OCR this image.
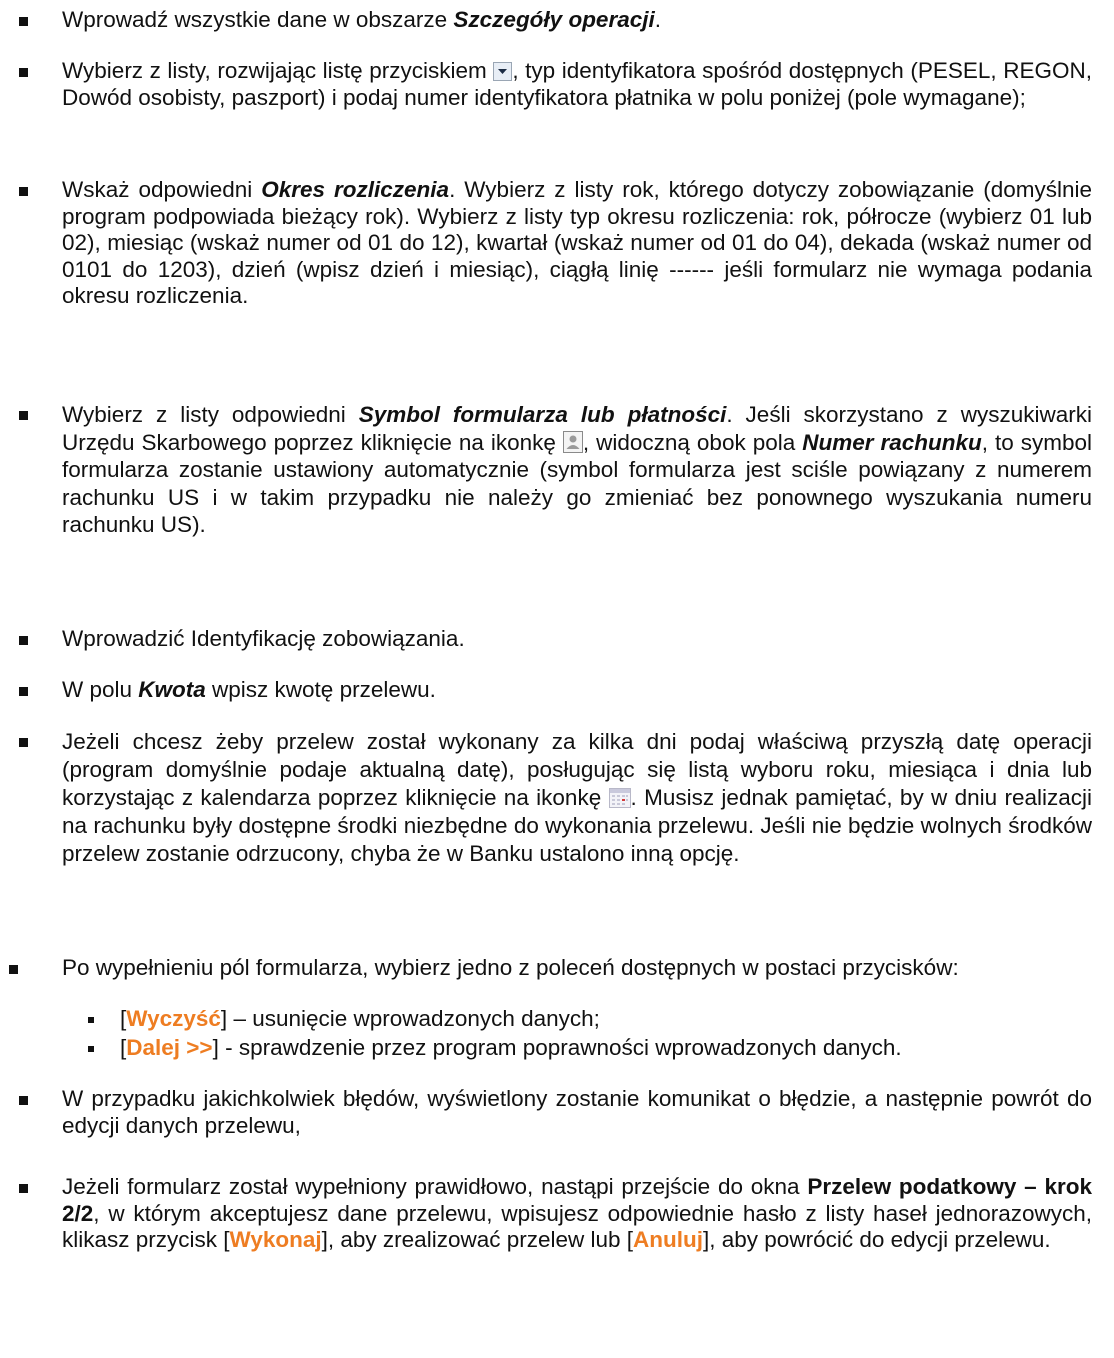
Wprowadź wszystkie dane w obszarze Szczegóły operacji.
Wybierz z listy, rozwijając listę przyciskiem , typ identyfikatora spośród dostępnych (PESEL, REGON, Dowód osobisty, paszport) i podaj numer identyfikatora płatnika w polu poniżej (pole wymagane);
Wskaż odpowiedni Okres rozliczenia. Wybierz z listy rok, którego dotyczy zobowiązanie (domyślnie program podpowiada bieżący rok). Wybierz z listy typ okresu rozliczenia: rok, półrocze (wybierz 01 lub 02), miesiąc (wskaż numer od 01 do 12), kwartał (wskaż numer od 01 do 04), dekada (wskaż numer od 0101 do 1203), dzień (wpisz dzień i miesiąc), ciągłą linię ------ jeśli formularz nie wymaga podania okresu rozliczenia.
Wybierz z listy odpowiedni Symbol formularza lub płatności. Jeśli skorzystano z wyszukiwarki Urzędu Skarbowego poprzez kliknięcie na ikonkę , widoczną obok pola Numer rachunku, to symbol formularza zostanie ustawiony automatycznie (symbol formularza jest sciśle powiązany z numerem rachunku US i w takim przypadku nie należy go zmieniać bez ponownego wyszukania numeru rachunku US).
Wprowadzić Identyfikację zobowiązania.
W polu Kwota wpisz kwotę przelewu.
Jeżeli chcesz żeby przelew został wykonany za kilka dni podaj właściwą przyszłą datę operacji (program domyślnie podaje aktualną datę), posługując się listą wyboru roku, miesiąca i dnia lub korzystając z kalendarza poprzez kliknięcie na ikonkę . Musisz jednak pamiętać, by w dniu realizacji na rachunku były dostępne środki niezbędne do wykonania przelewu. Jeśli nie będzie wolnych środków przelew zostanie odrzucony, chyba że w Banku ustalono inną opcję.
Po wypełnieniu pól formularza, wybierz jedno z poleceń dostępnych w postaci przycisków:
[Wyczyść] – usunięcie wprowadzonych danych;
[Dalej >>] - sprawdzenie przez program poprawności wprowadzonych danych.
W przypadku jakichkolwiek błędów, wyświetlony zostanie komunikat o błędzie, a następnie powrót do edycji danych przelewu,
Jeżeli formularz został wypełniony prawidłowo, nastąpi przejście do okna Przelew podatkowy – krok 2/2, w którym akceptujesz dane przelewu, wpisujesz odpowiednie hasło z listy haseł jednorazowych, klikasz przycisk [Wykonaj], aby zrealizować przelew lub [Anuluj], aby powrócić do edycji przelewu.
